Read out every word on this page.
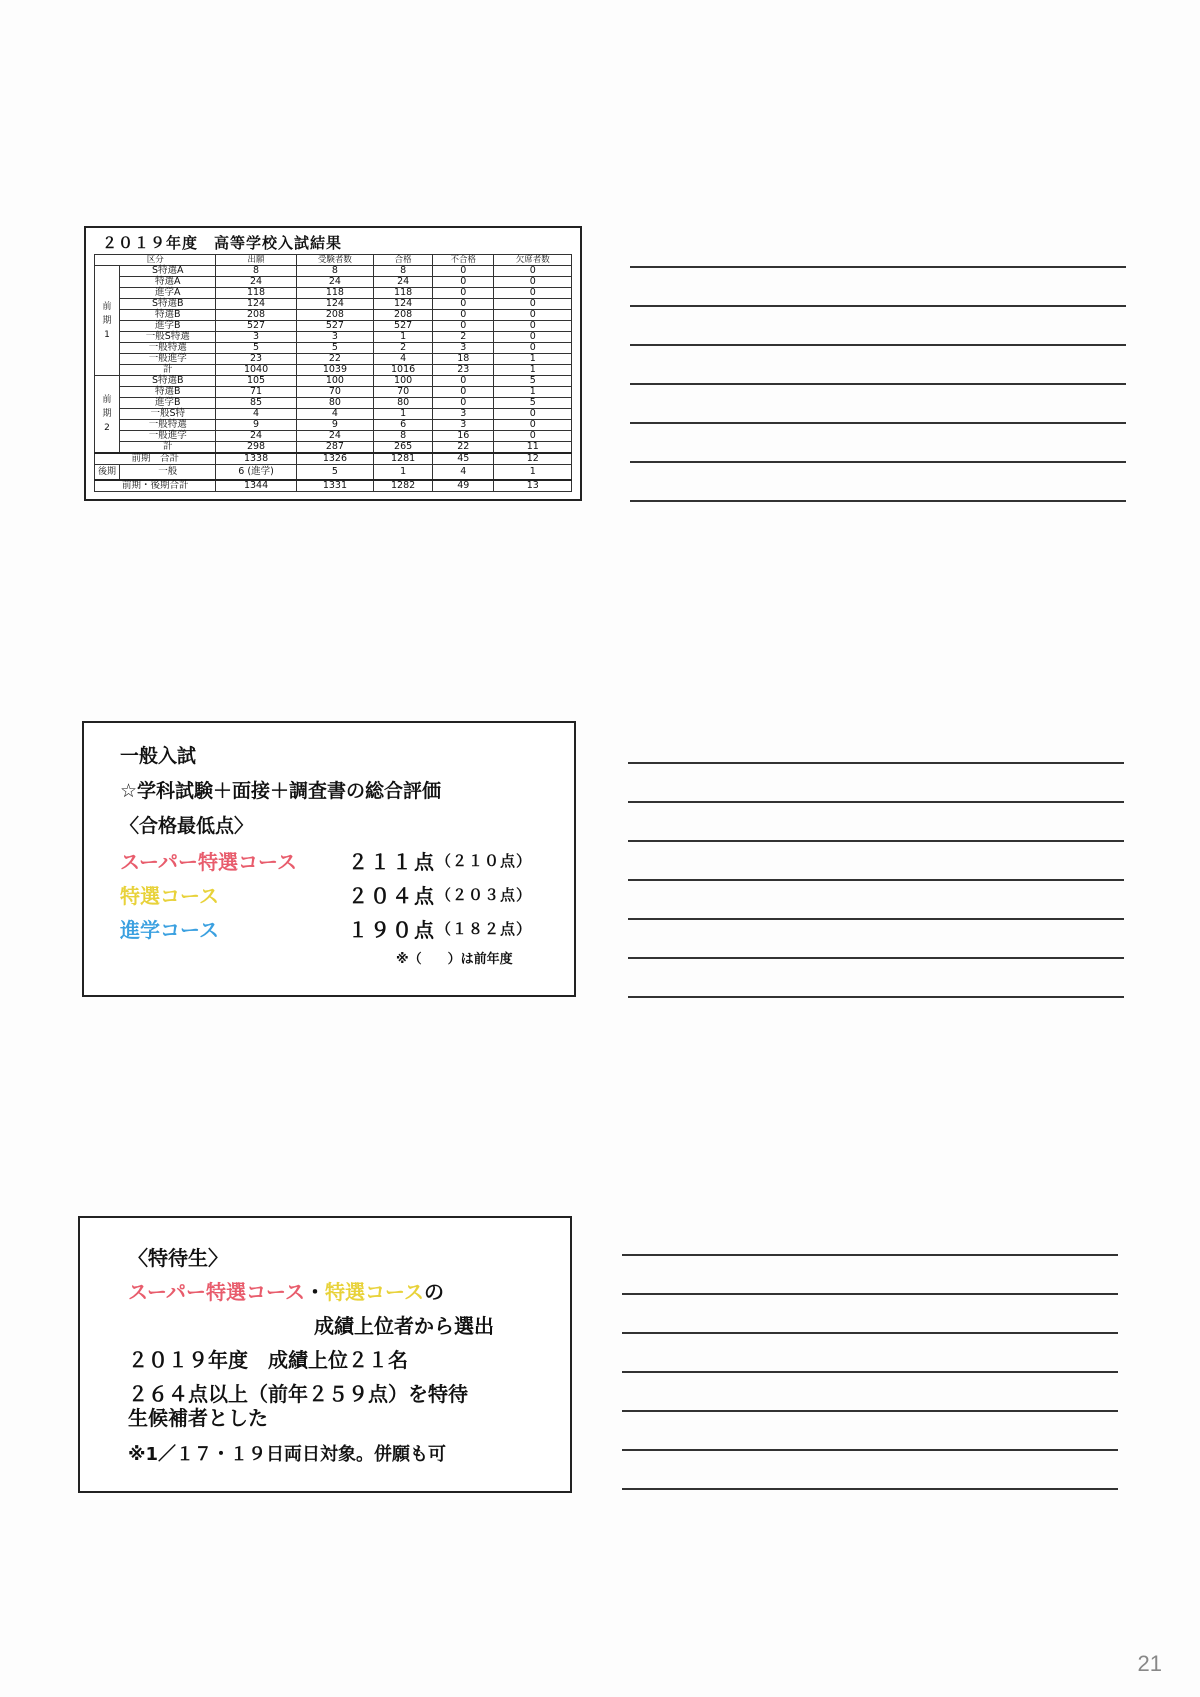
２０１９年度　高等学校入試結果
区分		出願	受験者数	合格	不合格	欠席者数

前
期
1	S特選A	8	8	8	0	0
	特選A	24	24	24	0	0
	進学A	118	118	118	0	0
	S特選B	124	124	124	0	0
	特選B	208	208	208	0	0
	進学B	527	527	527	0	0
	一般S特選	3	3	1	2	0
	一般特選	5	5	2	3	0
	一般進学	23	22	4	18	1
	計	1040	1039	1016	23	1

前
期
2	S特選B	105	100	100	0	5
	特選B	71	70	70	0	1
	進学B	85	80	80	0	5
	一般S特	4	4	1	3	0
	一般特選	9	9	6	3	0
	一般進学	24	24	8	16	0
	計	298	287	265	22	11
前期　合計		1338	1326	1281	45	12
後期	一般	6 (進学)	5	1	4	1
前期・後期合計		1344	1331	1282	49	13
一般入試
☆学科試験＋面接＋調査書の総合評価
〈合格最低点〉
スーパー特選コース	２１１点 （２１０点）
特選コース	２０４点 （２０３点）
進学コース	１９０点 （１８２点）
※（　　）は前年度
〈特待生〉
スーパー特選コース・特選コースの
成績上位者から選出
２０１９年度　成績上位２１名
２６４点以上（前年２５９点）を特待
生候補者とした
※1／１７・１９日両日対象。併願も可
21
